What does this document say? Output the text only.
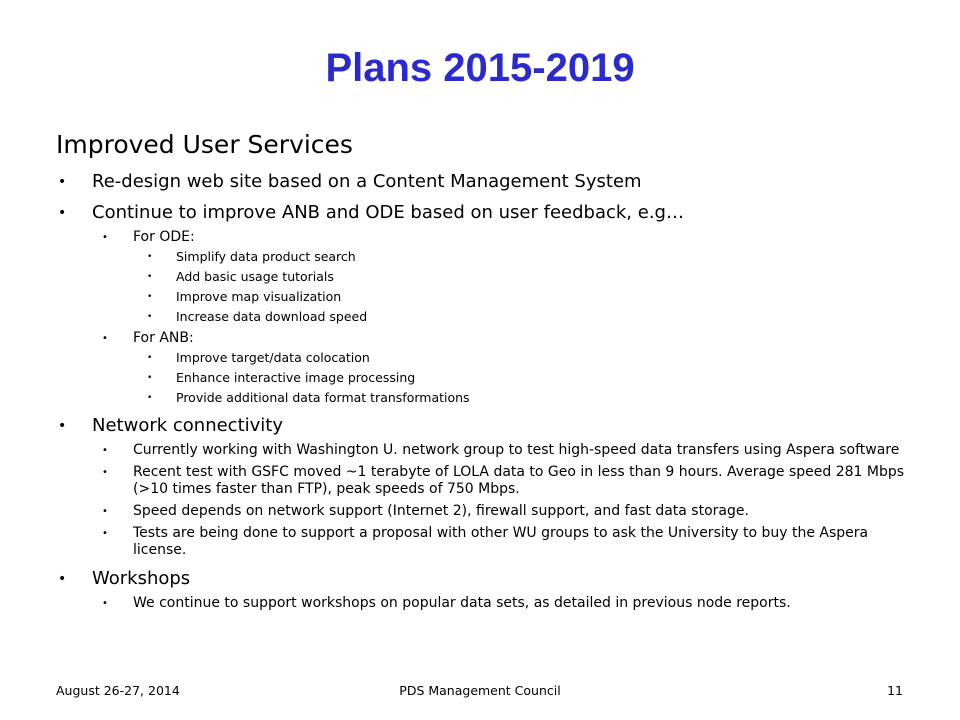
Plans 2015-2019
Improved User Services
• Re-design web site based on a Content Management System
• Continue to improve ANB and ODE based on user feedback, e.g…
• For ODE:
• Simplify data product search
• Add basic usage tutorials
• Improve map visualization
• Increase data download speed
• For ANB:
• Improve target/data colocation
• Enhance interactive image processing
• Provide additional data format transformations
• Network connectivity
• Currently working with Washington U. network group to test high-speed data transfers using Aspera software
• Recent test with GSFC moved ~1 terabyte of LOLA data to Geo in less than 9 hours. Average speed 281 Mbps (>10 times faster than FTP), peak speeds of 750 Mbps.
• Speed depends on network support (Internet 2), firewall support, and fast data storage.
• Tests are being done to support a proposal with other WU groups to ask the University to buy the Aspera license.
• Workshops
• We continue to support workshops on popular data sets, as detailed in previous node reports.
August 26-27, 2014	PDS Management Council	11
